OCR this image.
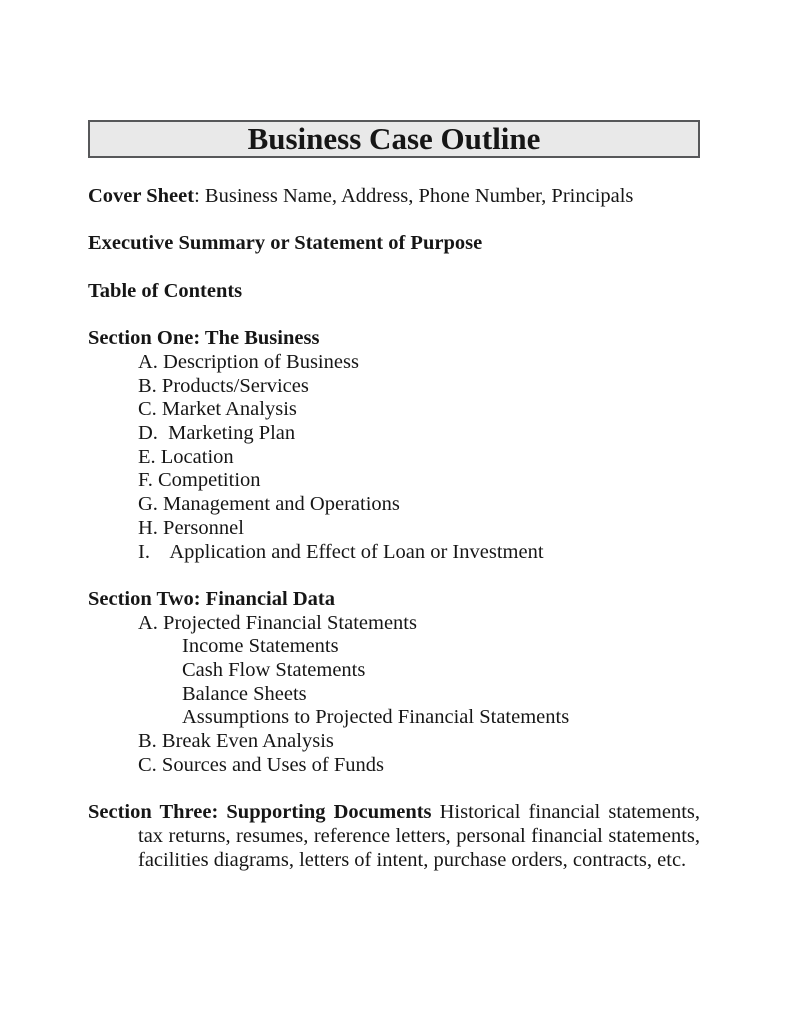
Business Case Outline

Cover Sheet: Business Name, Address, Phone Number, Principals

Executive Summary or Statement of Purpose

Table of Contents

Section One: The Business
A. Description of Business
B. Products/Services
C. Market Analysis
D.  Marketing Plan
E. Location
F. Competition
G. Management and Operations
H. Personnel
I.    Application and Effect of Loan or Investment
Section Two: Financial Data
A. Projected Financial Statements
Income Statements
Cash Flow Statements
Balance Sheets
Assumptions to Projected Financial Statements
B. Break Even Analysis
C. Sources and Uses of Funds
Section Three: Supporting Documents Historical financial statements,
tax returns, resumes, reference letters, personal financial statements,
facilities diagrams, letters of intent, purchase orders, contracts, etc.
